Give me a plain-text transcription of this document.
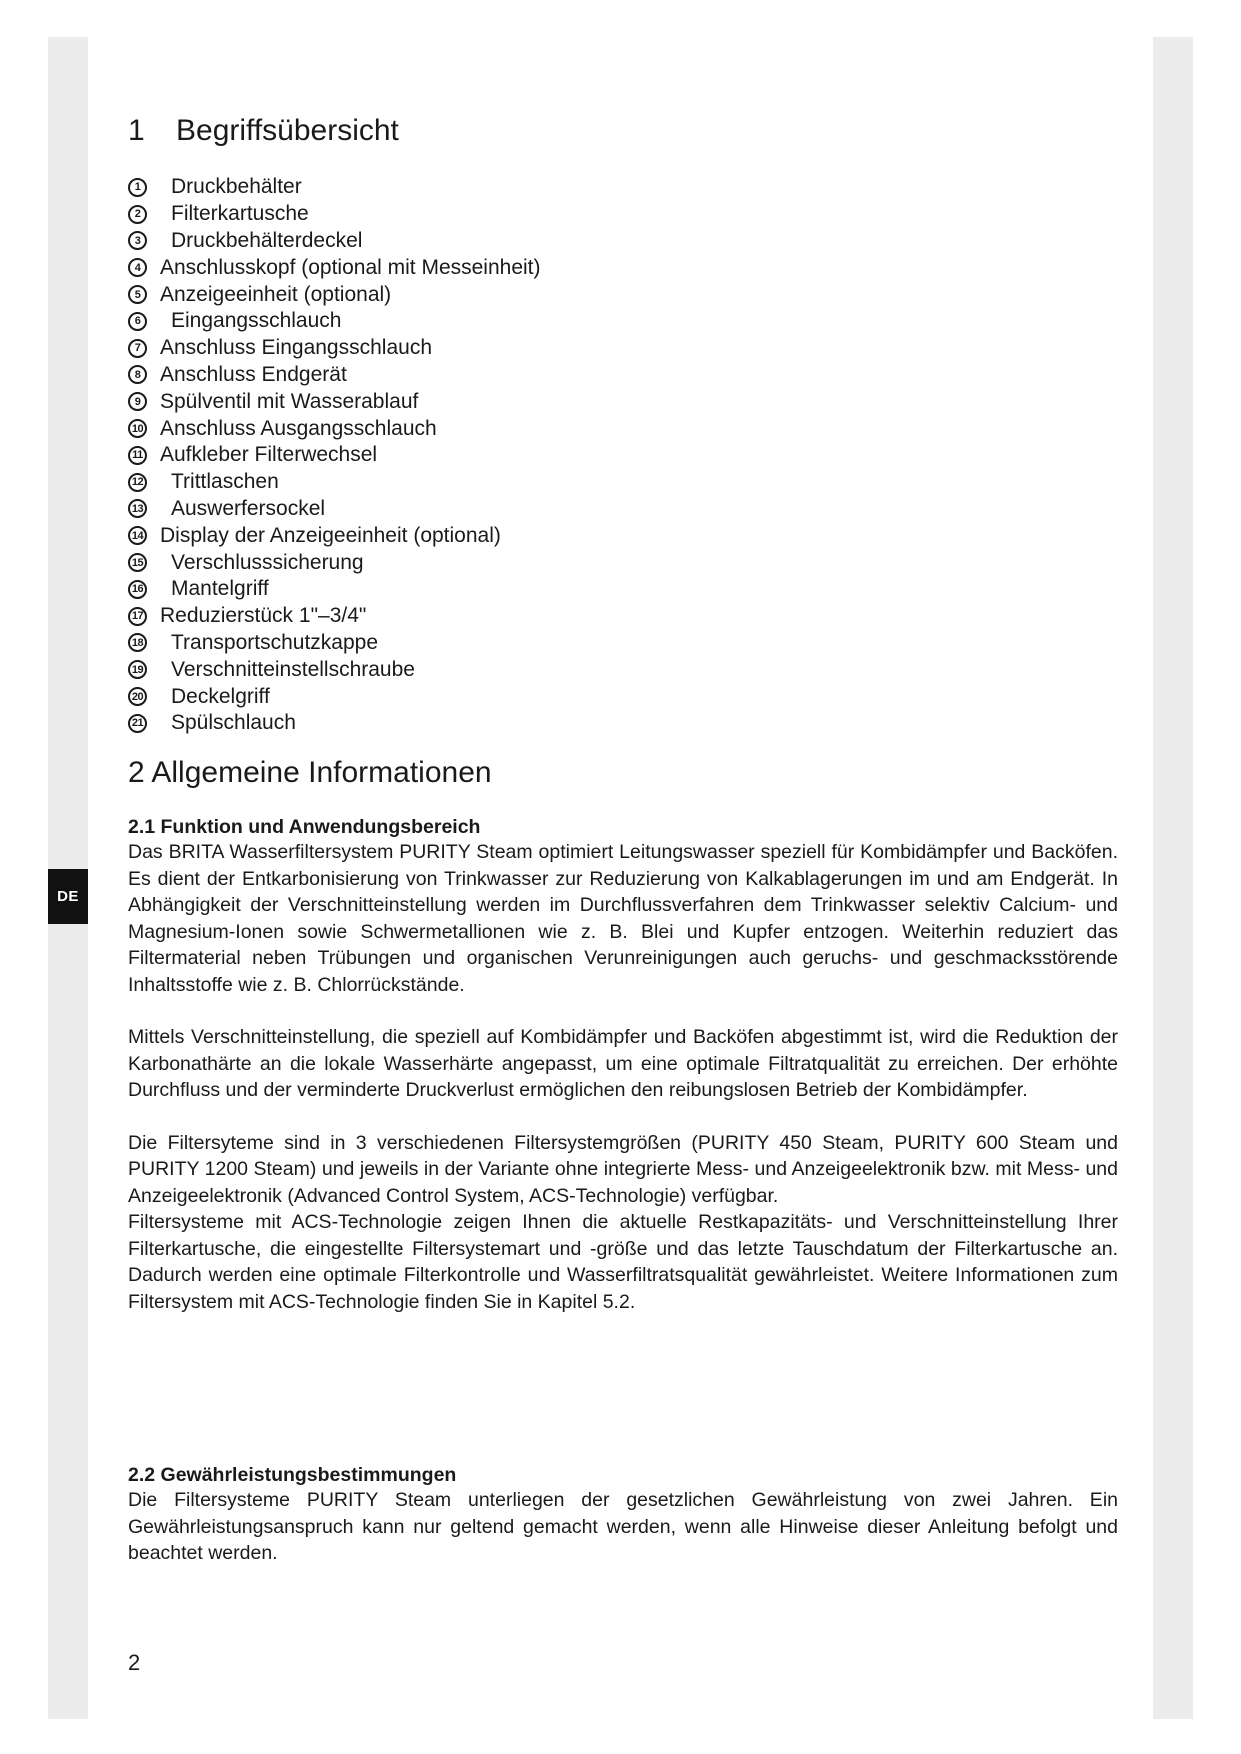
DE
1 Begriffsübersicht
1	Druckbehälter
2	Filterkartusche
3	Druckbehälterdeckel
4 Anschlusskopf (optional mit Messeinheit)
5 Anzeigeeinheit (optional)
6	Eingangsschlauch
7 Anschluss Eingangsschlauch
8 Anschluss Endgerät
9 Spülventil mit Wasserablauf
10 Anschluss Ausgangsschlauch
11 Aufkleber Filterwechsel
12 Trittlaschen
13 Auswerfersockel
14 Display der Anzeigeeinheit (optional)
15 Verschlusssicherung
16 Mantelgriff
17 Reduzierstück 1"–3/4"
18 Transportschutzkappe
19 Verschnitteinstellschraube
20 Deckelgriff
21 Spülschlauch
2 Allgemeine Informationen
2.1 Funktion und Anwendungsbereich

Das BRITA Wasserfiltersystem PURITY Steam optimiert Leitungswasser speziell für Kombidämpfer und Backöfen. Es dient der Entkarbonisierung von Trinkwasser zur Reduzierung von Kalkablagerungen im und am Endgerät. In Abhängigkeit der Verschnitteinstellung werden im Durchflussverfahren dem Trinkwasser selektiv Calcium- und Magnesium-Ionen sowie Schwermetallionen wie z. B. Blei und Kupfer entzogen. Weiterhin reduziert das Filtermaterial neben Trübungen und organischen Verunreinigungen auch geruchs- und geschmacksstörende Inhaltsstoffe wie z. B. Chlorrückstände.

Mittels Verschnitteinstellung, die speziell auf Kombidämpfer und Backöfen abgestimmt ist, wird die Reduktion der Karbonathärte an die lokale Wasserhärte angepasst, um eine optimale Filtratqualität zu erreichen. Der erhöhte Durchfluss und der verminderte Druckverlust ermöglichen den reibungslosen Betrieb der Kombidämpfer.

Die Filtersyteme sind in 3 verschiedenen Filtersystemgrößen (PURITY 450 Steam, PURITY 600 Steam und PURITY 1200 Steam) und jeweils in der Variante ohne integrierte Mess- und Anzeigeelektronik bzw. mit Mess- und Anzeigeelektronik (Advanced Control System, ACS-Technologie) verfügbar.

Filtersysteme mit ACS-Technologie zeigen Ihnen die aktuelle Restkapazitäts- und Verschnitteinstellung Ihrer Filterkartusche, die eingestellte Filtersystemart und -größe und das letzte Tauschdatum der Filterkartusche an. Dadurch werden eine optimale Filterkontrolle und Wasserfiltratsqualität gewährleistet. Weitere Informationen zum Filtersystem mit ACS-Technologie finden Sie in Kapitel 5.2.

2.2 Gewährleistungsbestimmungen

Die Filtersysteme PURITY Steam unterliegen der gesetzlichen Gewährleistung von zwei Jahren. Ein Gewährleistungsanspruch kann nur geltend gemacht werden, wenn alle Hinweise dieser Anleitung befolgt und beachtet werden.

2
